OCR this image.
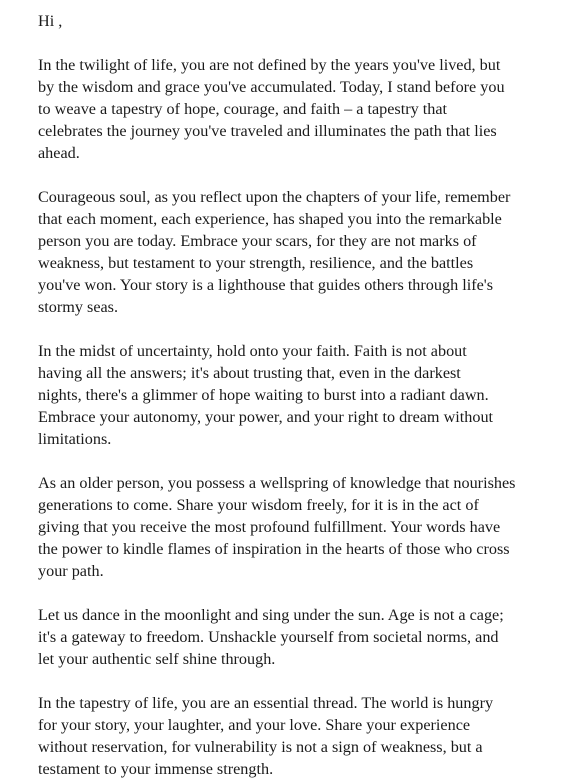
Hi ,

In the twilight of life, you are not defined by the years you've lived, but
by the wisdom and grace you've accumulated. Today, I stand before you
to weave a tapestry of hope, courage, and faith – a tapestry that
celebrates the journey you've traveled and illuminates the path that lies
ahead.

Courageous soul, as you reflect upon the chapters of your life, remember
that each moment, each experience, has shaped you into the remarkable
person you are today. Embrace your scars, for they are not marks of
weakness, but testament to your strength, resilience, and the battles
you've won. Your story is a lighthouse that guides others through life's
stormy seas.

In the midst of uncertainty, hold onto your faith. Faith is not about
having all the answers; it's about trusting that, even in the darkest
nights, there's a glimmer of hope waiting to burst into a radiant dawn.
Embrace your autonomy, your power, and your right to dream without
limitations.

As an older person, you possess a wellspring of knowledge that nourishes
generations to come. Share your wisdom freely, for it is in the act of
giving that you receive the most profound fulfillment. Your words have
the power to kindle flames of inspiration in the hearts of those who cross
your path.

Let us dance in the moonlight and sing under the sun. Age is not a cage;
it's a gateway to freedom. Unshackle yourself from societal norms, and
let your authentic self shine through.

In the tapestry of life, you are an essential thread. The world is hungry
for your story, your laughter, and your love. Share your experience
without reservation, for vulnerability is not a sign of weakness, but a
testament to your immense strength.
